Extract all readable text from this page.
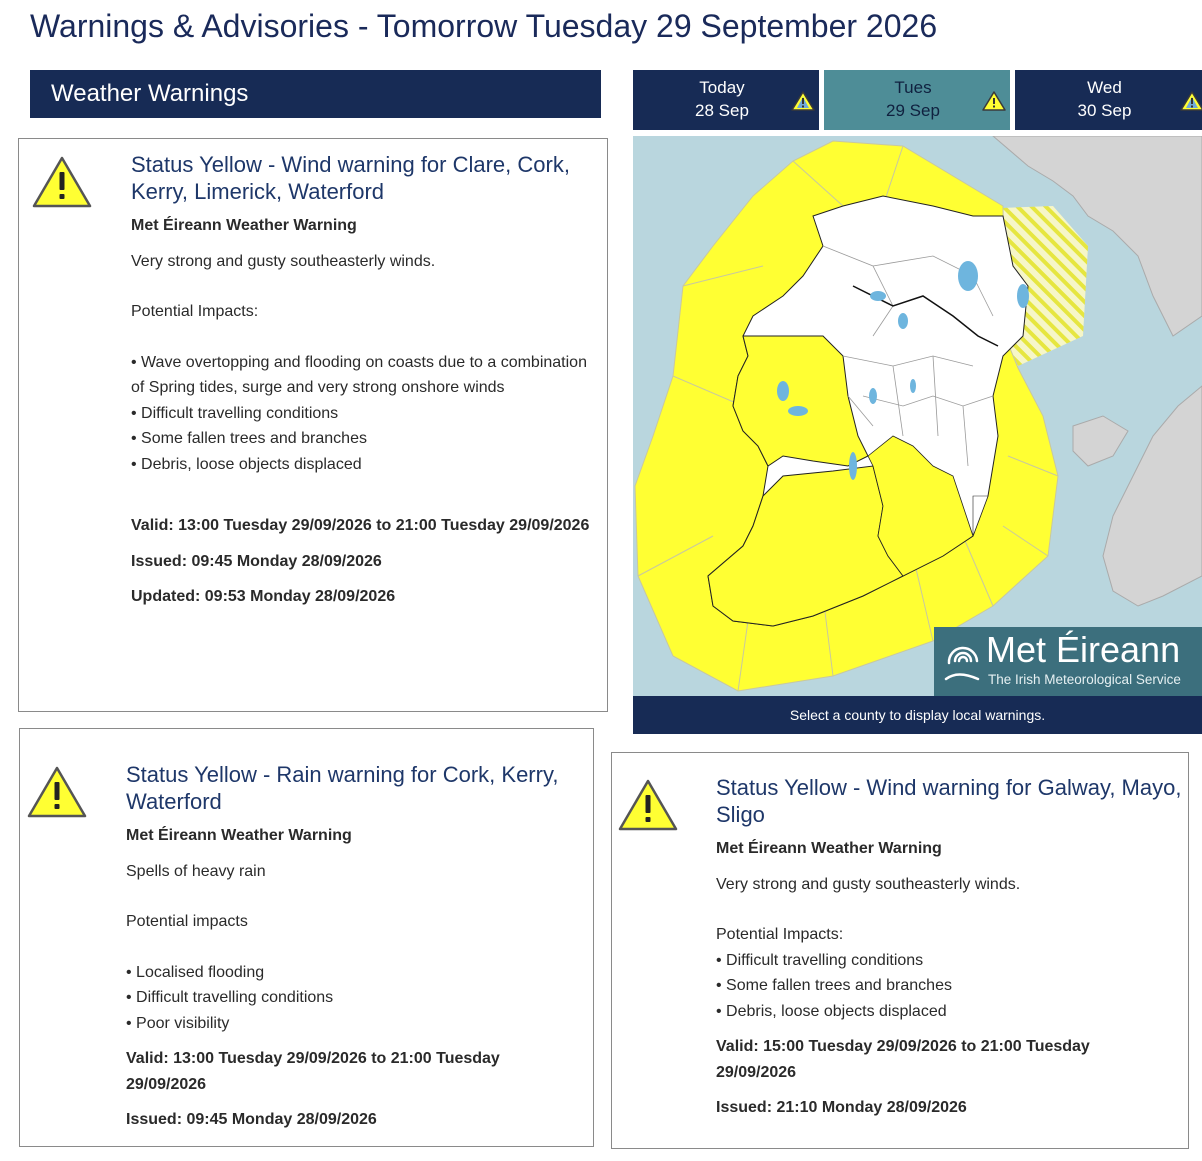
Warnings & Advisories - Tomorrow Tuesday 29 September 2026
Weather Warnings	Today
28 Sep
Tues
29 Sep
Wed
30 Sep
Met Éireann
The Irish Meteorological Service
Select a county to display local warnings.
Status Yellow - Wind warning for Clare, Cork, Kerry, Limerick, Waterford
Met Éireann Weather Warning

Very strong and gusty southeasterly winds.

Potential Impacts:

• Wave overtopping and flooding on coasts due to a combination of Spring tides, surge and very strong onshore winds
• Difficult travelling conditions
• Some fallen trees and branches
• Debris, loose objects displaced
Valid: 13:00 Tuesday 29/09/2026 to 21:00 Tuesday 29/09/2026
Issued: 09:45 Monday 28/09/2026
Updated: 09:53 Monday 28/09/2026
Status Yellow - Rain warning for Cork, Kerry, Waterford
Met Éireann Weather Warning

Spells of heavy rain

Potential impacts

• Localised flooding
• Difficult travelling conditions
• Poor visibility
Valid: 13:00 Tuesday 29/09/2026 to 21:00 Tuesday 29/09/2026
Issued: 09:45 Monday 28/09/2026
Status Yellow - Wind warning for Galway, Mayo, Sligo
Met Éireann Weather Warning

Very strong and gusty southeasterly winds.

Potential Impacts:

• Difficult travelling conditions
• Some fallen trees and branches
• Debris, loose objects displaced
Valid: 15:00 Tuesday 29/09/2026 to 21:00 Tuesday 29/09/2026
Issued: 21:10 Monday 28/09/2026
